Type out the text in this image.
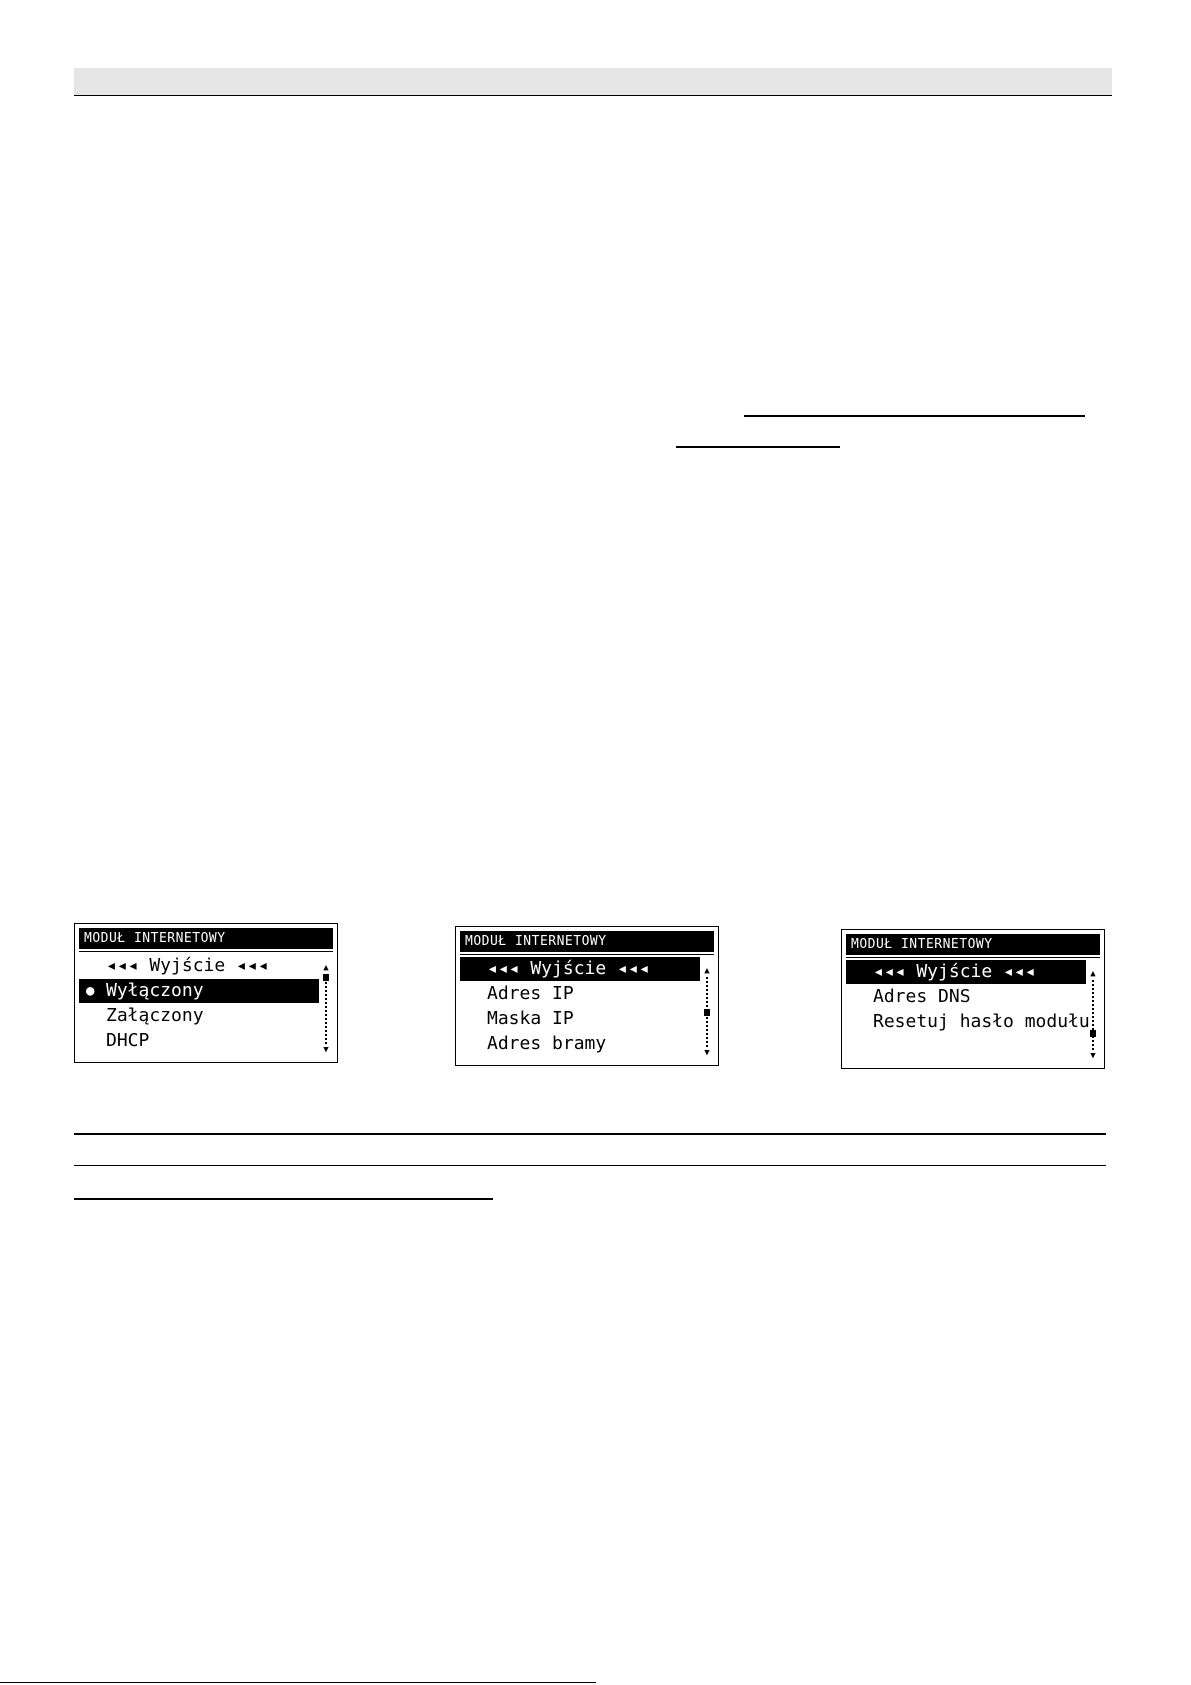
MODUŁ INTERNETOWY
◂◂◂ Wyjście ◂◂◂
● Wyłączony
Załączony
DHCP
▲
▼
MODUŁ INTERNETOWY
◂◂◂ Wyjście ◂◂◂
Adres IP
Maska IP
Adres bramy
▲
▼
MODUŁ INTERNETOWY
◂◂◂ Wyjście ◂◂◂
Adres DNS
Resetuj hasło modułu
▲
▼
